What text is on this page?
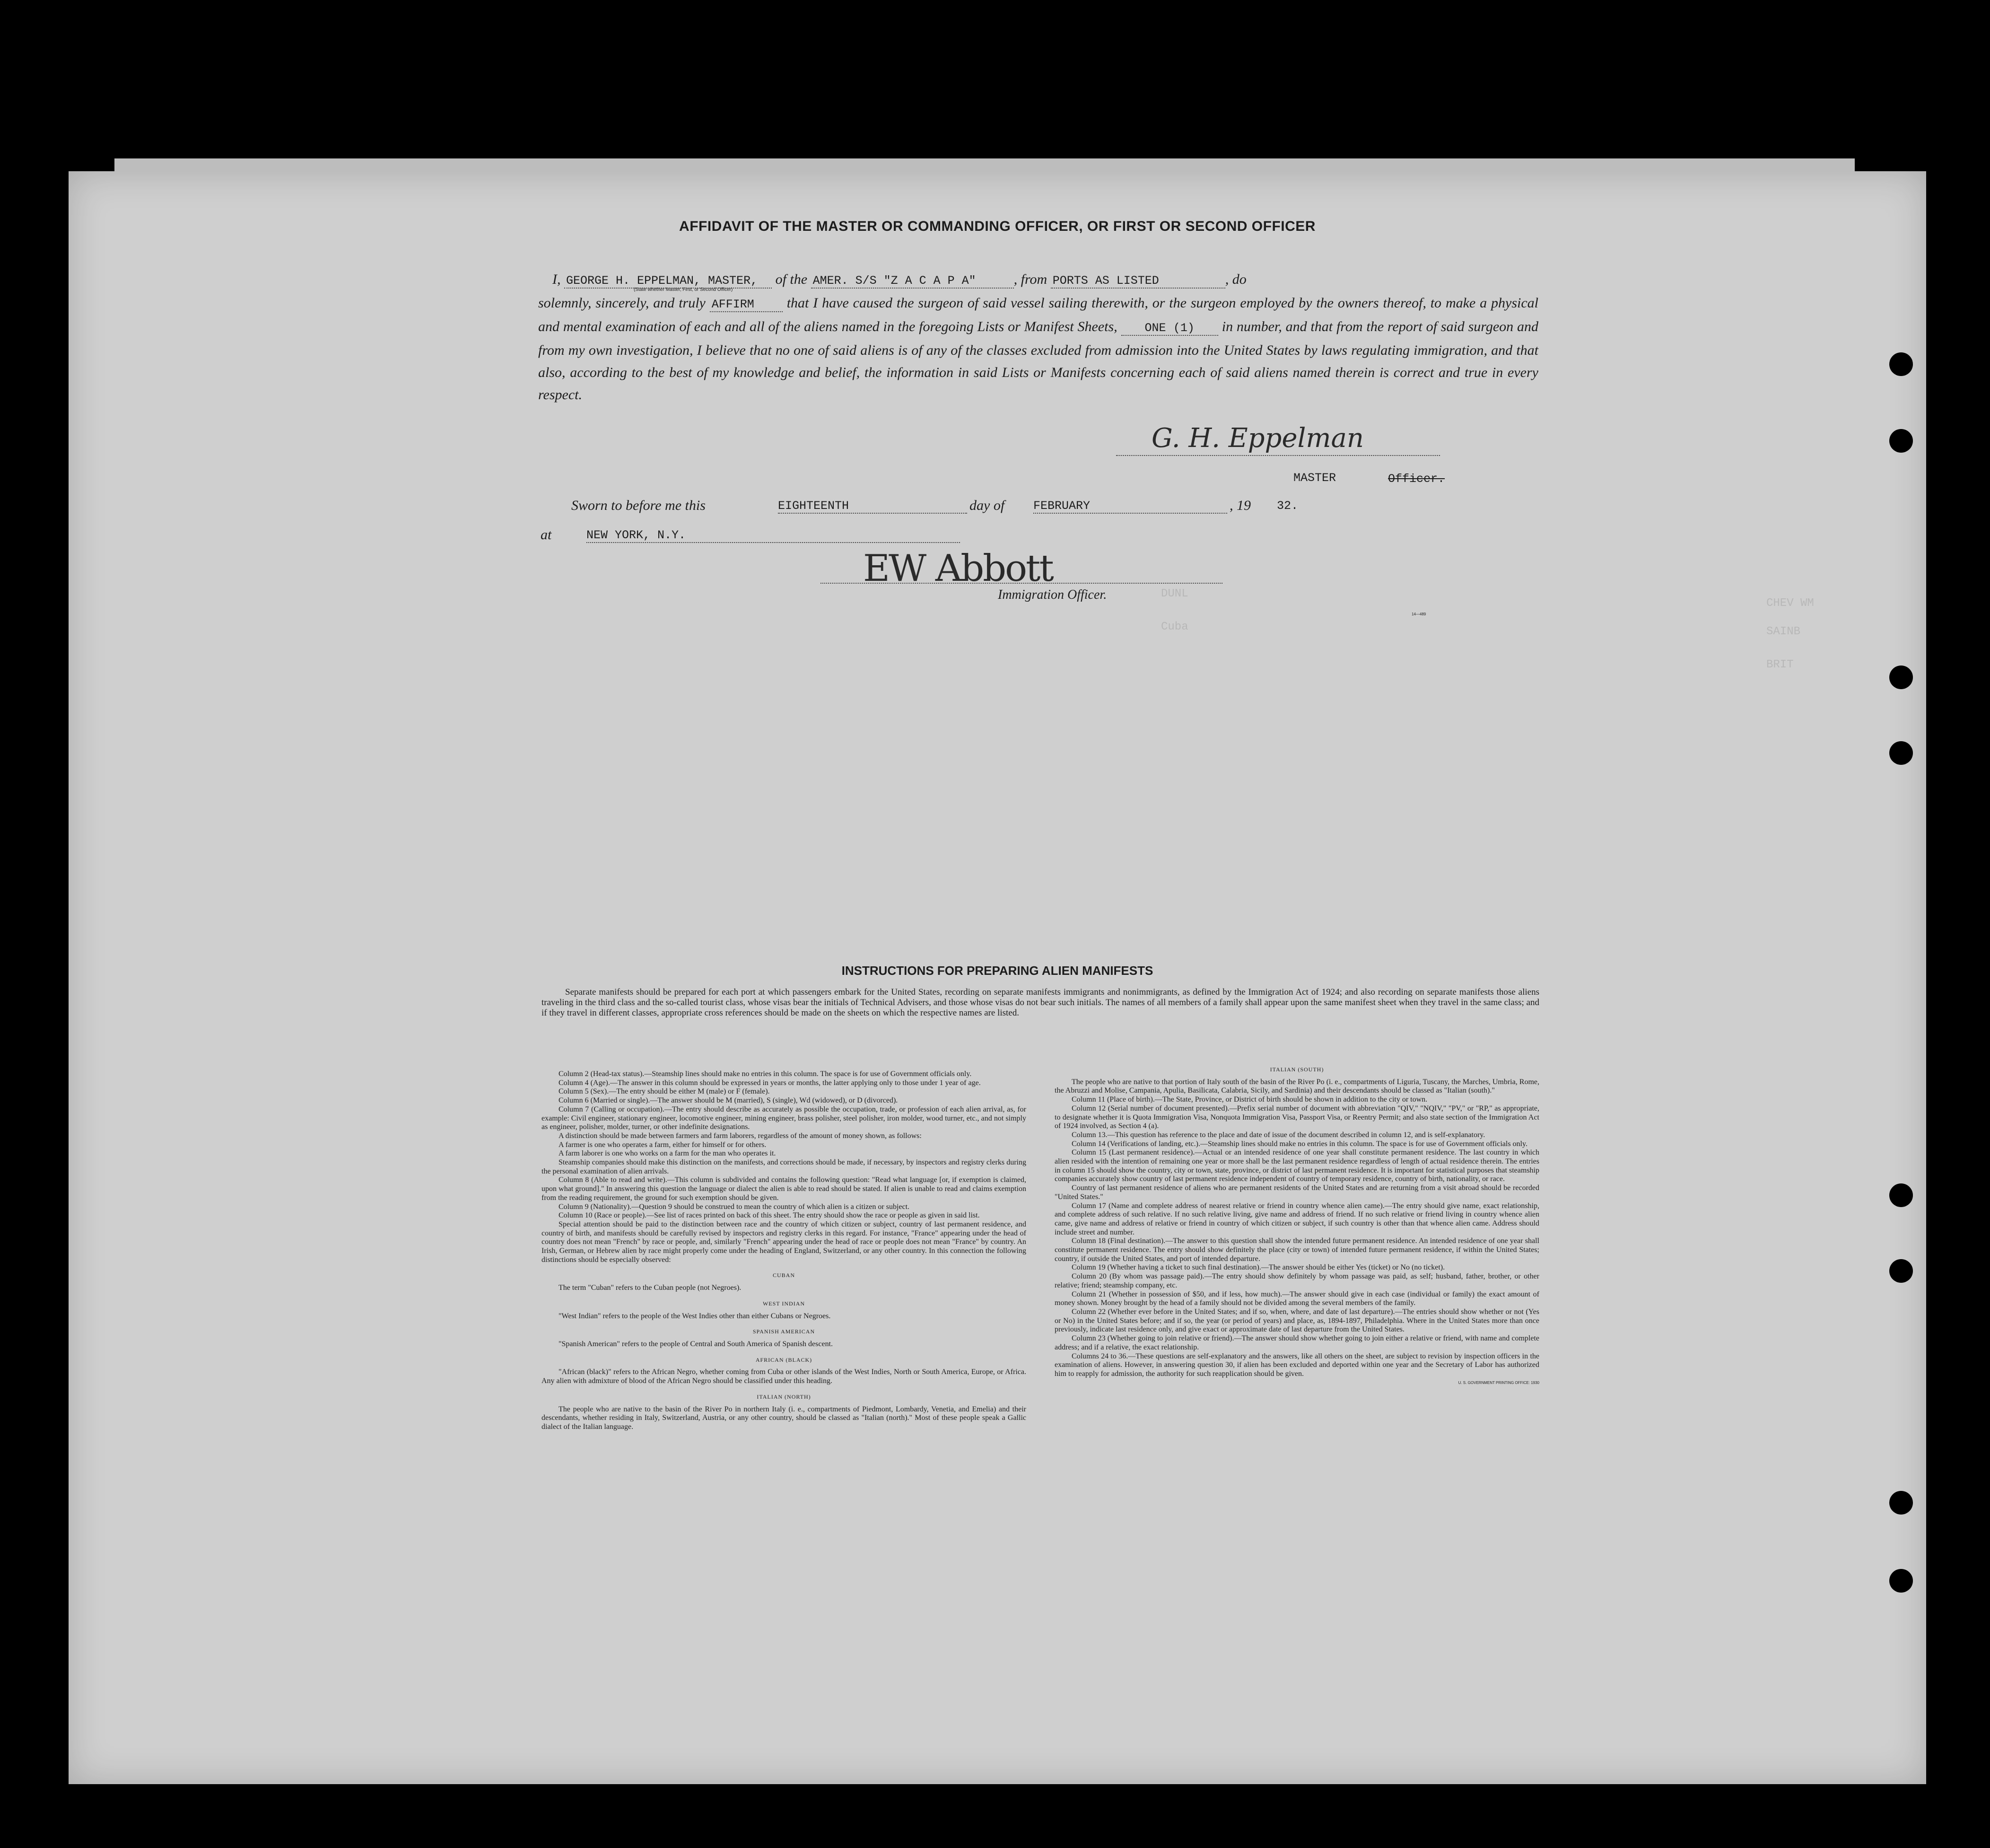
AFFIDAVIT OF THE MASTER OR COMMANDING OFFICER, OR FIRST OR SECOND OFFICER
I, GEORGE H. EPPELMAN, MASTER, of the AMER. S/S "Z A C A P A"	, from PORTS AS LISTED	, do
solemnly, sincerely, and truly AFFIRM that I have caused the surgeon of said vessel sailing therewith, or the surgeon employed by the owners thereof, to make a physical and mental examination of each and all of the aliens named in the foregoing Lists or Manifest Sheets, ONE (1) in number, and that from the report of said surgeon and from my own investigation, I believe that no one of said aliens is of any of the classes excluded from admission into the United States by laws regulating immigration, and that also, according to the best of my knowledge and belief, the information in said Lists or Manifests concerning each of said aliens named therein is correct and true in every respect.
(State whether Master, First, or Second Officer)
G. H. Eppelman
MASTER	Officer.
Sworn to before me this	EIGHTEENTH	day of FEBRUARY	, 19 32.
at	NEW YORK, N.Y.
EW Abbott
Immigration Officer.
14—489
DUNL
Cuba
CHEV WM
SAINB
BRIT
INSTRUCTIONS FOR PREPARING ALIEN MANIFESTS
Separate manifests should be prepared for each port at which passengers embark for the United States, recording on separate manifests immigrants and nonimmigrants, as defined by the Immigration Act of 1924; and also recording on separate manifests those aliens traveling in the third class and the so-called tourist class, whose visas bear the initials of Technical Advisers, and those whose visas do not bear such initials. The names of all members of a family shall appear upon the same manifest sheet when they travel in the same class; and if they travel in different classes, appropriate cross references should be made on the sheets on which the respective names are listed.

Column 2 (Head-tax status).—Steamship lines should make no entries in this column. The space is for use of Government officials only.

Column 4 (Age).—The answer in this column should be expressed in years or months, the latter applying only to those under 1 year of age.

Column 5 (Sex).—The entry should be either M (male) or F (female).

Column 6 (Married or single).—The answer should be M (married), S (single), Wd (widowed), or D (divorced).

Column 7 (Calling or occupation).—The entry should describe as accurately as possible the occupation, trade, or profession of each alien arrival, as, for example: Civil engineer, stationary engineer, locomotive engineer, mining engineer, brass polisher, steel polisher, iron molder, wood turner, etc., and not simply as engineer, polisher, molder, turner, or other indefinite designations.

A distinction should be made between farmers and farm laborers, regardless of the amount of money shown, as follows:

A farmer is one who operates a farm, either for himself or for others.

A farm laborer is one who works on a farm for the man who operates it.

Steamship companies should make this distinction on the manifests, and corrections should be made, if necessary, by inspectors and registry clerks during the personal examination of alien arrivals.

Column 8 (Able to read and write).—This column is subdivided and contains the following question: "Read what language [or, if exemption is claimed, upon what ground]." In answering this question the language or dialect the alien is able to read should be stated. If alien is unable to read and claims exemption from the reading requirement, the ground for such exemption should be given.

Column 9 (Nationality).—Question 9 should be construed to mean the country of which alien is a citizen or subject.

Column 10 (Race or people).—See list of races printed on back of this sheet. The entry should show the race or people as given in said list.

Special attention should be paid to the distinction between race and the country of which citizen or subject, country of last permanent residence, and country of birth, and manifests should be carefully revised by inspectors and registry clerks in this regard. For instance, "France" appearing under the head of country does not mean "French" by race or people, and, similarly "French" appearing under the head of race or people does not mean "France" by country. An Irish, German, or Hebrew alien by race might properly come under the heading of England, Switzerland, or any other country. In this connection the following distinctions should be especially observed:

CUBAN

The term "Cuban" refers to the Cuban people (not Negroes).

WEST INDIAN

"West Indian" refers to the people of the West Indies other than either Cubans or Negroes.

SPANISH AMERICAN

"Spanish American" refers to the people of Central and South America of Spanish descent.

AFRICAN (BLACK)

"African (black)" refers to the African Negro, whether coming from Cuba or other islands of the West Indies, North or South America, Europe, or Africa. Any alien with admixture of blood of the African Negro should be classified under this heading.

ITALIAN (NORTH)

The people who are native to the basin of the River Po in northern Italy (i. e., compartments of Piedmont, Lombardy, Venetia, and Emelia) and their descendants, whether residing in Italy, Switzerland, Austria, or any other country, should be classed as "Italian (north)." Most of these people speak a Gallic dialect of the Italian language.

ITALIAN (SOUTH)

The people who are native to that portion of Italy south of the basin of the River Po (i. e., compartments of Liguria, Tuscany, the Marches, Umbria, Rome, the Abruzzi and Molise, Campania, Apulia, Basilicata, Calabria, Sicily, and Sardinia) and their descendants should be classed as "Italian (south)."

Column 11 (Place of birth).—The State, Province, or District of birth should be shown in addition to the city or town.

Column 12 (Serial number of document presented).—Prefix serial number of document with abbreviation "QIV," "NQIV," "PV," or "RP," as appropriate, to designate whether it is Quota Immigration Visa, Nonquota Immigration Visa, Passport Visa, or Reentry Permit; and also state section of the Immigration Act of 1924 involved, as Section 4 (a).

Column 13.—This question has reference to the place and date of issue of the document described in column 12, and is self-explanatory.

Column 14 (Verifications of landing, etc.).—Steamship lines should make no entries in this column. The space is for use of Government officials only.

Column 15 (Last permanent residence).—Actual or an intended residence of one year shall constitute permanent residence. The last country in which alien resided with the intention of remaining one year or more shall be the last permanent residence regardless of length of actual residence therein. The entries in column 15 should show the country, city or town, state, province, or district of last permanent residence. It is important for statistical purposes that steamship companies accurately show country of last permanent residence independent of country of temporary residence, country of birth, nationality, or race.

Country of last permanent residence of aliens who are permanent residents of the United States and are returning from a visit abroad should be recorded "United States."

Column 17 (Name and complete address of nearest relative or friend in country whence alien came).—The entry should give name, exact relationship, and complete address of such relative. If no such relative living, give name and address of friend. If no such relative or friend living in country whence alien came, give name and address of relative or friend in country of which citizen or subject, if such country is other than that whence alien came. Address should include street and number.

Column 18 (Final destination).—The answer to this question shall show the intended future permanent residence. An intended residence of one year shall constitute permanent residence. The entry should show definitely the place (city or town) of intended future permanent residence, if within the United States; country, if outside the United States, and port of intended departure.

Column 19 (Whether having a ticket to such final destination).—The answer should be either Yes (ticket) or No (no ticket).

Column 20 (By whom was passage paid).—The entry should show definitely by whom passage was paid, as self; husband, father, brother, or other relative; friend; steamship company, etc.

Column 21 (Whether in possession of $50, and if less, how much).—The answer should give in each case (individual or family) the exact amount of money shown. Money brought by the head of a family should not be divided among the several members of the family.

Column 22 (Whether ever before in the United States; and if so, when, where, and date of last departure).—The entries should show whether or not (Yes or No) in the United States before; and if so, the year (or period of years) and place, as, 1894-1897, Philadelphia. Where in the United States more than once previously, indicate last residence only, and give exact or approximate date of last departure from the United States.

Column 23 (Whether going to join relative or friend).—The answer should show whether going to join either a relative or friend, with name and complete address; and if a relative, the exact relationship.

Columns 24 to 36.—These questions are self-explanatory and the answers, like all others on the sheet, are subject to revision by inspection officers in the examination of aliens. However, in answering question 30, if alien has been excluded and deported within one year and the Secretary of Labor has authorized him to reapply for admission, the authority for such reapplication should be given.

U. S. GOVERNMENT PRINTING OFFICE: 1930
